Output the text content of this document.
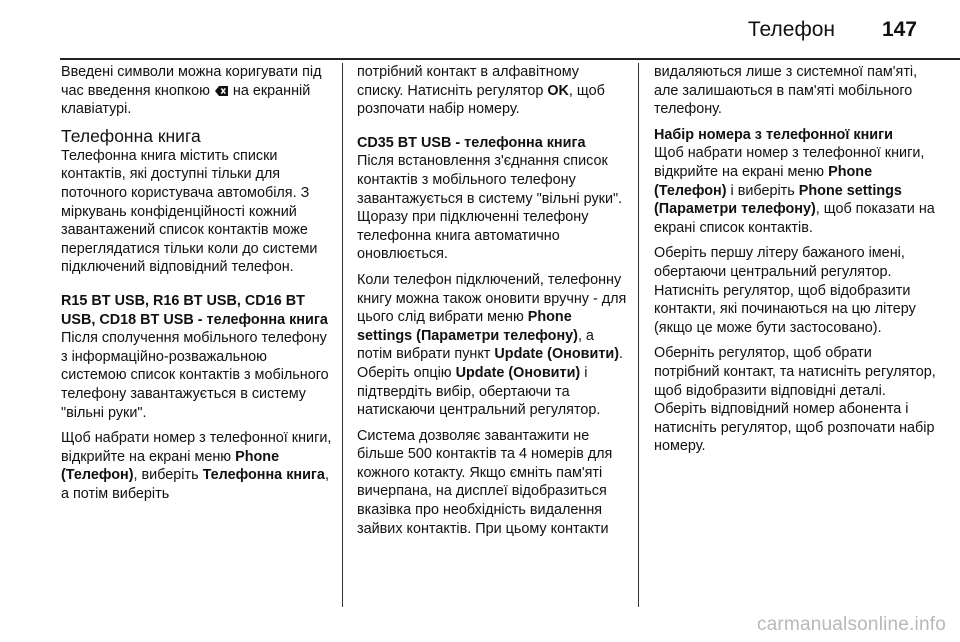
Телефон 147

Введені символи можна коригувати під час введення кнопкою
на екранній клавіатурі.

Телефонна книга

Телефонна книга містить списки контактів, які доступні тільки для поточного користувача автомобіля. З міркувань конфіденційності кожний завантажений список контактів може переглядатися тільки коли до системи підключений відповідний телефон.

R15 BT USB, R16 BT USB, CD16 BT USB, CD18 BT USB - телефонна книга

Після сполучення мобільного телефону з інформаційно-розважальною системою список контактів з мобільного телефону завантажується в систему "вільні руки".

Щоб набрати номер з телефонної книги, відкрийте на екрані меню Phone (Телефон), виберіть Телефонна книга, а потім виберіть

потрібний контакт в алфавітному списку. Натисніть регулятор OK, щоб розпочати набір номеру.

CD35 BT USB - телефонна книга

Після встановлення з'єднання список контактів з мобільного телефону завантажується в систему "вільні руки". Щоразу при підключенні телефону телефонна книга автоматично оновлюється.

Коли телефон підключений, телефонну книгу можна також оновити вручну - для цього слід вибрати меню Phone settings (Параметри телефону), а потім вибрати пункт Update (Оновити). Оберіть опцію Update (Оновити) і підтвердіть вибір, обертаючи та натискаючи центральний регулятор.

Система дозволяє завантажити не більше 500 контактів та 4 номерів для кожного котакту. Якщо ємніть пам'яті вичерпана, на дисплеї відобразиться вказівка про необхідність видалення зайвих контактів. При цьому контакти

видаляються лише з системної пам'яті, але залишаються в пам'яті мобільного телефону.

Набір номера з телефонної книги

Щоб набрати номер з телефонної книги, відкрийте на екрані меню Phone (Телефон) і виберіть Phone settings (Параметри телефону), щоб показати на екрані список контактів.

Оберіть першу літеру бажаного імені, обертаючи центральний регулятор. Натисніть регулятор, щоб відобразити контакти, які починаються на цю літеру (якщо це може бути застосовано).

Оберніть регулятор, щоб обрати потрібний контакт, та натисніть регулятор, щоб відобразити відповідні деталі. Оберіть відповідний номер абонента і натисніть регулятор, щоб розпочати набір номеру.

carmanualsonline.info
